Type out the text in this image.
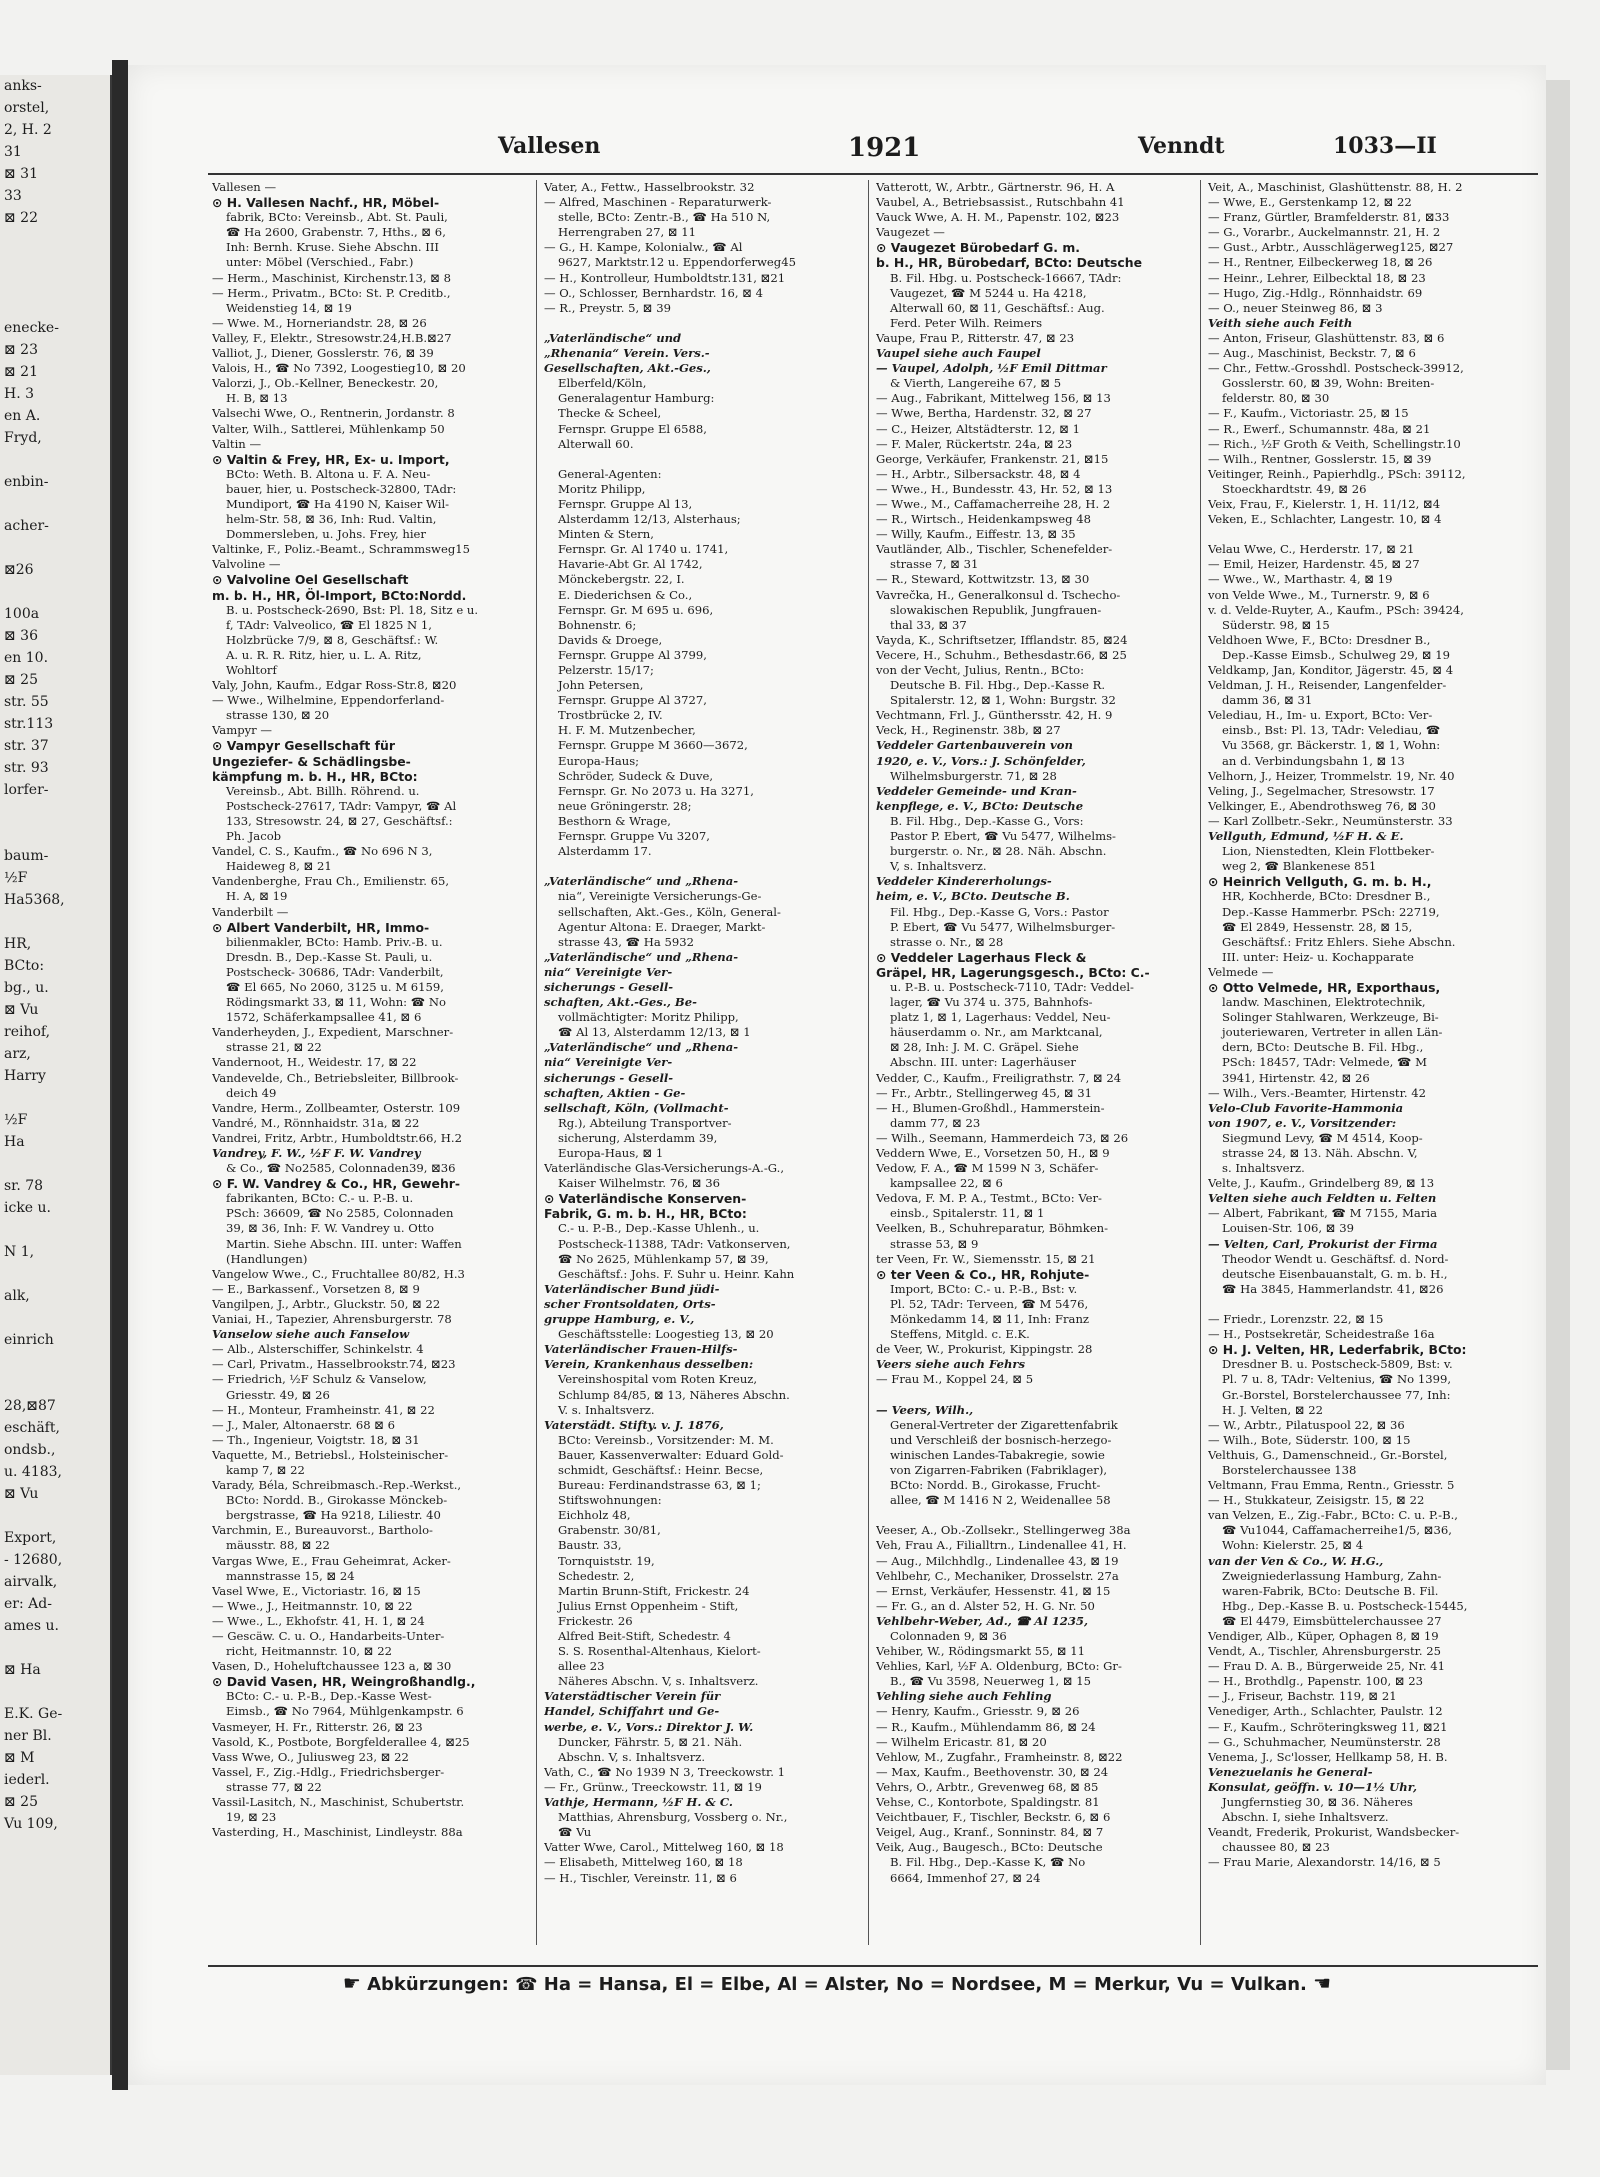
anks-
orstel,
2, H. 2
31
⊠ 31
33
⊠ 22

enecke-
⊠ 23
⊠ 21
H. 3
en A.
Fryd,

enbin-

acher-

⊠26

100a
⊠ 36
en 10.
⊠ 25
str. 55
str.113
str. 37
str. 93
lorfer-

baum-
½F
Ha5368,

HR,
BCto:
bg., u.
⊠ Vu
reihof,
arz,
Harry

½F
Ha

sr. 78
icke u.

N 1,

alk,

einrich

28,⊠87
eschäft,
ondsb.,
u. 4183,
⊠ Vu

Export,
- 12680,
airvalk,
er: Ad-
ames u.

⊠ Ha

E.K. Ge-
ner Bl.
⊠ M
iederl.
⊠ 25
Vu 109,
Vallesen	1921	Venndt	1033—II

Vallesen —

⊙ H. Vallesen Nachf., HR, Möbel-

fabrik, BCto: Vereinsb., Abt. St. Pauli,

☎ Ha 2600, Grabenstr. 7, Hths., ⊠ 6,

Inh: Bernh. Kruse. Siehe Abschn. III

unter: Möbel (Verschied., Fabr.)

— Herm., Maschinist, Kirchenstr.13, ⊠ 8

— Herm., Privatm., BCto: St. P. Creditb.,

Weidenstieg 14, ⊠ 19

— Wwe. M., Horneriandstr. 28, ⊠ 26

Valley, F., Elektr., Stresowstr.24,H.B.⊠27

Valliot, J., Diener, Gosslerstr. 76, ⊠ 39

Valois, H., ☎ No 7392, Loogestieg10, ⊠ 20

Valorzi, J., Ob.-Kellner, Beneckestr. 20,

H. B, ⊠ 13

Valsechi Wwe, O., Rentnerin, Jordanstr. 8

Valter, Wilh., Sattlerei, Mühlenkamp 50

Valtin —

⊙ Valtin & Frey, HR, Ex- u. Import,

BCto: Weth. B. Altona u. F. A. Neu-

bauer, hier, u. Postscheck-32800, TAdr:

Mundiport, ☎ Ha 4190 N, Kaiser Wil-

helm-Str. 58, ⊠ 36, Inh: Rud. Valtin,

Dommersleben, u. Johs. Frey, hier

Valtinke, F., Poliz.-Beamt., Schrammsweg15

Valvoline —

⊙ Valvoline Oel Gesellschaft

m. b. H., HR, Öl-Import, BCto:Nordd.

B. u. Postscheck-2690, Bst: Pl. 18, Sitz e u.

f, TAdr: Valveolico, ☎ El 1825 N 1,

Holzbrücke 7/9, ⊠ 8, Geschäftsf.: W.

A. u. R. R. Ritz, hier, u. L. A. Ritz,

Wohltorf

Valy, John, Kaufm., Edgar Ross-Str.8, ⊠20

— Wwe., Wilhelmine, Eppendorferland-

strasse 130, ⊠ 20

Vampyr —

⊙ Vampyr Gesellschaft für

Ungeziefer- & Schädlingsbe-

kämpfung m. b. H., HR, BCto:

Vereinsb., Abt. Billh. Röhrend. u.

Postscheck-27617, TAdr: Vampyr, ☎ Al

133, Stresowstr. 24, ⊠ 27, Geschäftsf.:

Ph. Jacob

Vandel, C. S., Kaufm., ☎ No 696 N 3,

Haideweg 8, ⊠ 21

Vandenberghe, Frau Ch., Emilienstr. 65,

H. A, ⊠ 19

Vanderbilt —

⊙ Albert Vanderbilt, HR, Immo-

bilienmakler, BCto: Hamb. Priv.-B. u.

Dresdn. B., Dep.-Kasse St. Pauli, u.

Postscheck- 30686, TAdr: Vanderbilt,

☎ El 665, No 2060, 3125 u. M 6159,

Rödingsmarkt 33, ⊠ 11, Wohn: ☎ No

1572, Schäferkampsallee 41, ⊠ 6

Vanderheyden, J., Expedient, Marschner-

strasse 21, ⊠ 22

Vandernoot, H., Weidestr. 17, ⊠ 22

Vandevelde, Ch., Betriebsleiter, Billbrook-

deich 49

Vandre, Herm., Zollbeamter, Osterstr. 109

Vandré, M., Rönnhaidstr. 31a, ⊠ 22

Vandrei, Fritz, Arbtr., Humboldtstr.66, H.2

Vandrey, F. W., ½F F. W. Vandrey

& Co., ☎ No2585, Colonnaden39, ⊠36

⊙ F. W. Vandrey & Co., HR, Gewehr-

fabrikanten, BCto: C.- u. P.-B. u.

PSch: 36609, ☎ No 2585, Colonnaden

39, ⊠ 36, Inh: F. W. Vandrey u. Otto

Martin. Siehe Abschn. III. unter: Waffen

(Handlungen)

Vangelow Wwe., C., Fruchtallee 80/82, H.3

— E., Barkassenf., Vorsetzen 8, ⊠ 9

Vangilpen, J., Arbtr., Gluckstr. 50, ⊠ 22

Vaniai, H., Tapezier, Ahrensburgerstr. 78

Vanselow siehe auch Fanselow

— Alb., Alsterschiffer, Schinkelstr. 4

— Carl, Privatm., Hasselbrookstr.74, ⊠23

— Friedrich, ½F Schulz & Vanselow,

Griesstr. 49, ⊠ 26

— H., Monteur, Framheinstr. 41, ⊠ 22

— J., Maler, Altonaerstr. 68 ⊠ 6

— Th., Ingenieur, Voigtstr. 18, ⊠ 31

Vaquette, M., Betriebsl., Holsteinischer-

kamp 7, ⊠ 22

Varady, Béla, Schreibmasch.-Rep.-Werkst.,

BCto: Nordd. B., Girokasse Mönckeb-

bergstrasse, ☎ Ha 9218, Liliestr. 40

Varchmin, E., Bureauvorst., Bartholo-

mäusstr. 88, ⊠ 22

Vargas Wwe, E., Frau Geheimrat, Acker-

mannstrasse 15, ⊠ 24

Vasel Wwe, E., Victoriastr. 16, ⊠ 15

— Wwe., J., Heitmannstr. 10, ⊠ 22

— Wwe., L., Ekhofstr. 41, H. 1, ⊠ 24

— Gescäw. C. u. O., Handarbeits-Unter-

richt, Heitmannstr. 10, ⊠ 22

Vasen, D., Hoheluftchaussee 123 a, ⊠ 30

⊙ David Vasen, HR, Weingroßhandlg.,

BCto: C.- u. P.-B., Dep.-Kasse West-

Eimsb., ☎ No 7964, Mühlgenkampstr. 6

Vasmeyer, H. Fr., Ritterstr. 26, ⊠ 23

Vasold, K., Postbote, Borgfelderallee 4, ⊠25

Vass Wwe, O., Juliusweg 23, ⊠ 22

Vassel, F., Zig.-Hdlg., Friedrichsberger-

strasse 77, ⊠ 22

Vassil-Lasitch, N., Maschinist, Schubertstr.

19, ⊠ 23

Vasterding, H., Maschinist, Lindleystr. 88a

Vater, A., Fettw., Hasselbrookstr. 32

— Alfred, Maschinen - Reparaturwerk-

stelle, BCto: Zentr.-B., ☎ Ha 510 N,

Herrengraben 27, ⊠ 11

— G., H. Kampe, Kolonialw., ☎ Al

9627, Marktstr.12 u. Eppendorferweg45

— H., Kontrolleur, Humboldtstr.131, ⊠21

— O., Schlosser, Bernhardstr. 16, ⊠ 4

— R., Preystr. 5, ⊠ 39

„Vaterländische“ und

„Rhenania“ Verein. Vers.-

Gesellschaften, Akt.-Ges.,

Elberfeld/Köln,

Generalagentur Hamburg:

Thecke & Scheel,

Fernspr. Gruppe El 6588,

Alterwall 60.

General-Agenten:

Moritz Philipp,

Fernspr. Gruppe Al 13,

Alsterdamm 12/13, Alsterhaus;

Minten & Stern,

Fernspr. Gr. Al 1740 u. 1741,

Havarie-Abt Gr. Al 1742,

Mönckebergstr. 22, I.

E. Diederichsen & Co.,

Fernspr. Gr. M 695 u. 696,

Bohnenstr. 6;

Davids & Droege,

Fernspr. Gruppe Al 3799,

Pelzerstr. 15/17;

John Petersen,

Fernspr. Gruppe Al 3727,

Trostbrücke 2, IV.

H. F. M. Mutzenbecher,

Fernspr. Gruppe M 3660—3672,

Europa-Haus;

Schröder, Sudeck & Duve,

Fernspr. Gr. No 2073 u. Ha 3271,

neue Gröningerstr. 28;

Besthorn & Wrage,

Fernspr. Gruppe Vu 3207,

Alsterdamm 17.

„Vaterländische“ und „Rhena-

nia“, Vereinigte Versicherungs-Ge-

sellschaften, Akt.-Ges., Köln, General-

Agentur Altona: E. Draeger, Markt-

strasse 43, ☎ Ha 5932

„Vaterländische“ und „Rhena-

nia“ Vereinigte Ver-

sicherungs - Gesell-

schaften, Akt.-Ges., Be-

vollmächtigter: Moritz Philipp,

☎ Al 13, Alsterdamm 12/13, ⊠ 1

„Vaterländische“ und „Rhena-

nia“ Vereinigte Ver-

sicherungs - Gesell-

schaften, Aktien - Ge-

sellschaft, Köln, (Vollmacht-

Rg.), Abteilung Transportver-

sicherung, Alsterdamm 39,

Europa-Haus, ⊠ 1

Vaterländische Glas-Versicherungs-A.-G.,

Kaiser Wilhelmstr. 76, ⊠ 36

⊙ Vaterländische Konserven-

Fabrik, G. m. b. H., HR, BCto:

C.- u. P.-B., Dep.-Kasse Uhlenh., u.

Postscheck-11388, TAdr: Vatkonserven,

☎ No 2625, Mühlenkamp 57, ⊠ 39,

Geschäftsf.: Johs. F. Suhr u. Heinr. Kahn

Vaterländischer Bund jüdi-

scher Frontsoldaten, Orts-

gruppe Hamburg, e. V.,

Geschäftsstelle: Loogestieg 13, ⊠ 20

Vaterländischer Frauen-Hilfs-

Verein, Krankenhaus desselben:

Vereinshospital vom Roten Kreuz,

Schlump 84/85, ⊠ 13, Näheres Abschn.

V. s. Inhaltsverz.

Vaterstädt. Stifty. v. J. 1876,

BCto: Vereinsb., Vorsitzender: M. M.

Bauer, Kassenverwalter: Eduard Gold-

schmidt, Geschäftsf.: Heinr. Becse,

Bureau: Ferdinandstrasse 63, ⊠ 1;

Stiftswohnungen:

Eichholz 48,

Grabenstr. 30/81,

Baustr. 33,

Tornquiststr. 19,

Schedestr. 2,

Martin Brunn-Stift, Frickestr. 24

Julius Ernst Oppenheim - Stift,

Frickestr. 26

Alfred Beit-Stift, Schedestr. 4

S. S. Rosenthal-Altenhaus, Kielort-

allee 23

Näheres Abschn. V, s. Inhaltsverz.

Vaterstädtischer Verein für

Handel, Schiffahrt und Ge-

werbe, e. V., Vors.: Direktor J. W.

Duncker, Fährstr. 5, ⊠ 21. Näh.

Abschn. V, s. Inhaltsverz.

Vath, C., ☎ No 1939 N 3, Treeckowstr. 1

— Fr., Grünw., Treeckowstr. 11, ⊠ 19

Vathje, Hermann, ½F H. & C.

Matthias, Ahrensburg, Vossberg o. Nr.,

☎ Vu

Vatter Wwe, Carol., Mittelweg 160, ⊠ 18

— Elisabeth, Mittelweg 160, ⊠ 18

— H., Tischler, Vereinstr. 11, ⊠ 6

Vatterott, W., Arbtr., Gärtnerstr. 96, H. A

Vaubel, A., Betriebsassist., Rutschbahn 41

Vauck Wwe, A. H. M., Papenstr. 102, ⊠23

Vaugezet —

⊙ Vaugezet Bürobedarf G. m.

b. H., HR, Bürobedarf, BCto: Deutsche

B. Fil. Hbg. u. Postscheck-16667, TAdr:

Vaugezet, ☎ M 5244 u. Ha 4218,

Alterwall 60, ⊠ 11, Geschäftsf.: Aug.

Ferd. Peter Wilh. Reimers

Vaupe, Frau P., Ritterstr. 47, ⊠ 23

Vaupel siehe auch Faupel

— Vaupel, Adolph, ½F Emil Dittmar

& Vierth, Langereihe 67, ⊠ 5

— Aug., Fabrikant, Mittelweg 156, ⊠ 13

— Wwe, Bertha, Hardenstr. 32, ⊠ 27

— C., Heizer, Altstädterstr. 12, ⊠ 1

— F. Maler, Rückertstr. 24a, ⊠ 23

George, Verkäufer, Frankenstr. 21, ⊠15

— H., Arbtr., Silbersackstr. 48, ⊠ 4

— Wwe., H., Bundesstr. 43, Hr. 52, ⊠ 13

— Wwe., M., Caffamacherreihe 28, H. 2

— R., Wirtsch., Heidenkampsweg 48

— Willy, Kaufm., Eiffestr. 13, ⊠ 35

Vautländer, Alb., Tischler, Schenefelder-

strasse 7, ⊠ 31

— R., Steward, Kottwitzstr. 13, ⊠ 30

Vavrečka, H., Generalkonsul d. Tschecho-

slowakischen Republik, Jungfrauen-

thal 33, ⊠ 37

Vayda, K., Schriftsetzer, Ifflandstr. 85, ⊠24

Vecere, H., Schuhm., Bethesdastr.66, ⊠ 25

von der Vecht, Julius, Rentn., BCto:

Deutsche B. Fil. Hbg., Dep.-Kasse R.

Spitalerstr. 12, ⊠ 1, Wohn: Burgstr. 32

Vechtmann, Frl. J., Günthersstr. 42, H. 9

Veck, H., Reginenstr. 38b, ⊠ 27

Veddeler Gartenbauverein von

1920, e. V., Vors.: J. Schönfelder,

Wilhelmsburgerstr. 71, ⊠ 28

Veddeler Gemeinde- und Kran-

kenpflege, e. V., BCto: Deutsche

B. Fil. Hbg., Dep.-Kasse G., Vors:

Pastor P. Ebert, ☎ Vu 5477, Wilhelms-

burgerstr. o. Nr., ⊠ 28. Näh. Abschn.

V, s. Inhaltsverz.

Veddeler Kindererholungs-

heim, e. V., BCto. Deutsche B.

Fil. Hbg., Dep.-Kasse G, Vors.: Pastor

P. Ebert, ☎ Vu 5477, Wilhelmsburger-

strasse o. Nr., ⊠ 28

⊙ Veddeler Lagerhaus Fleck &

Gräpel, HR, Lagerungsgesch., BCto: C.-

u. P.-B. u. Postscheck-7110, TAdr: Veddel-

lager, ☎ Vu 374 u. 375, Bahnhofs-

platz 1, ⊠ 1, Lagerhaus: Veddel, Neu-

häuserdamm o. Nr., am Marktcanal,

⊠ 28, Inh: J. M. C. Gräpel. Siehe

Abschn. III. unter: Lagerhäuser

Vedder, C., Kaufm., Freiligrathstr. 7, ⊠ 24

— Fr., Arbtr., Stellingerweg 45, ⊠ 31

— H., Blumen-Großhdl., Hammerstein-

damm 77, ⊠ 23

— Wilh., Seemann, Hammerdeich 73, ⊠ 26

Veddern Wwe, E., Vorsetzen 50, H., ⊠ 9

Vedow, F. A., ☎ M 1599 N 3, Schäfer-

kampsallee 22, ⊠ 6

Vedova, F. M. P. A., Testmt., BCto: Ver-

einsb., Spitalerstr. 11, ⊠ 1

Veelken, B., Schuhreparatur, Böhmken-

strasse 53, ⊠ 9

ter Veen, Fr. W., Siemensstr. 15, ⊠ 21

⊙ ter Veen & Co., HR, Rohjute-

Import, BCto: C.- u. P.-B., Bst: v.

Pl. 52, TAdr: Terveen, ☎ M 5476,

Mönkedamm 14, ⊠ 11, Inh: Franz

Steffens, Mitgld. c. E.K.

de Veer, W., Prokurist, Kippingstr. 28

Veers siehe auch Fehrs

— Frau M., Koppel 24, ⊠ 5

— Veers, Wilh.,

General-Vertreter der Zigarettenfabrik

und Verschleiß der bosnisch-herzego-

winischen Landes-Tabakregie, sowie

von Zigarren-Fabriken (Fabriklager),

BCto: Nordd. B., Girokasse, Frucht-

allee, ☎ M 1416 N 2, Weidenallee 58

Veeser, A., Ob.-Zollsekr., Stellingerweg 38a

Veh, Frau A., Filialltrn., Lindenallee 41, H.

— Aug., Milchhdlg., Lindenallee 43, ⊠ 19

Vehlbehr, C., Mechaniker, Drosselstr. 27a

— Ernst, Verkäufer, Hessenstr. 41, ⊠ 15

— Fr. G., an d. Alster 52, H. G. Nr. 50

Vehlbehr-Weber, Ad., ☎ Al 1235,

Colonnaden 9, ⊠ 36

Vehiber, W., Rödingsmarkt 55, ⊠ 11

Vehlies, Karl, ½F A. Oldenburg, BCto: Gr-

B., ☎ Vu 3598, Neuerweg 1, ⊠ 15

Vehling siehe auch Fehling

— Henry, Kaufm., Griesstr. 9, ⊠ 26

— R., Kaufm., Mühlendamm 86, ⊠ 24

— Wilhelm Ericastr. 81, ⊠ 20

Vehlow, M., Zugfahr., Framheinstr. 8, ⊠22

— Max, Kaufm., Beethovenstr. 30, ⊠ 24

Vehrs, O., Arbtr., Grevenweg 68, ⊠ 85

Vehse, C., Kontorbote, Spaldingstr. 81

Veichtbauer, F., Tischler, Beckstr. 6, ⊠ 6

Veigel, Aug., Kranf., Sonninstr. 84, ⊠ 7

Veik, Aug., Baugesch., BCto: Deutsche

B. Fil. Hbg., Dep.-Kasse K, ☎ No

6664, Immenhof 27, ⊠ 24

Veit, A., Maschinist, Glashüttenstr. 88, H. 2

— Wwe, E., Gerstenkamp 12, ⊠ 22

— Franz, Gürtler, Bramfelderstr. 81, ⊠33

— G., Vorarbr., Auckelmannstr. 21, H. 2

— Gust., Arbtr., Ausschlägerweg125, ⊠27

— H., Rentner, Eilbeckerweg 18, ⊠ 26

— Heinr., Lehrer, Eilbecktal 18, ⊠ 23

— Hugo, Zig.-Hdlg., Rönnhaidstr. 69

— O., neuer Steinweg 86, ⊠ 3

Veith siehe auch Feith

— Anton, Friseur, Glashüttenstr. 83, ⊠ 6

— Aug., Maschinist, Beckstr. 7, ⊠ 6

— Chr., Fettw.-Grosshdl. Postscheck-39912,

Gosslerstr. 60, ⊠ 39, Wohn: Breiten-

felderstr. 80, ⊠ 30

— F., Kaufm., Victoriastr. 25, ⊠ 15

— R., Ewerf., Schumannstr. 48a, ⊠ 21

— Rich., ½F Groth & Veith, Schellingstr.10

— Wilh., Rentner, Gosslerstr. 15, ⊠ 39

Veitinger, Reinh., Papierhdlg., PSch: 39112,

Stoeckhardtstr. 49, ⊠ 26

Veix, Frau, F., Kielerstr. 1, H. 11/12, ⊠4

Veken, E., Schlachter, Langestr. 10, ⊠ 4

Velau Wwe, C., Herderstr. 17, ⊠ 21

— Emil, Heizer, Hardenstr. 45, ⊠ 27

— Wwe., W., Marthastr. 4, ⊠ 19

von Velde Wwe., M., Turnerstr. 9, ⊠ 6

v. d. Velde-Ruyter, A., Kaufm., PSch: 39424,

Süderstr. 98, ⊠ 15

Veldhoen Wwe, F., BCto: Dresdner B.,

Dep.-Kasse Eimsb., Schulweg 29, ⊠ 19

Veldkamp, Jan, Konditor, Jägerstr. 45, ⊠ 4

Veldman, J. H., Reisender, Langenfelder-

damm 36, ⊠ 31

Velediau, H., Im- u. Export, BCto: Ver-

einsb., Bst: Pl. 13, TAdr: Velediau, ☎

Vu 3568, gr. Bäckerstr. 1, ⊠ 1, Wohn:

an d. Verbindungsbahn 1, ⊠ 13

Velhorn, J., Heizer, Trommelstr. 19, Nr. 40

Veling, J., Segelmacher, Stresowstr. 17

Velkinger, E., Abendrothsweg 76, ⊠ 30

— Karl Zollbetr.-Sekr., Neumünsterstr. 33

Vellguth, Edmund, ½F H. & E.

Lion, Nienstedten, Klein Flottbeker-

weg 2, ☎ Blankenese 851

⊙ Heinrich Vellguth, G. m. b. H.,

HR, Kochherde, BCto: Dresdner B.,

Dep.-Kasse Hammerbr. PSch: 22719,

☎ El 2849, Hessenstr. 28, ⊠ 15,

Geschäftsf.: Fritz Ehlers. Siehe Abschn.

III. unter: Heiz- u. Kochapparate

Velmede —

⊙ Otto Velmede, HR, Exporthaus,

landw. Maschinen, Elektrotechnik,

Solinger Stahlwaren, Werkzeuge, Bi-

jouteriewaren, Vertreter in allen Län-

dern, BCto: Deutsche B. Fil. Hbg.,

PSch: 18457, TAdr: Velmede, ☎ M

3941, Hirtenstr. 42, ⊠ 26

— Wilh., Vers.-Beamter, Hirtenstr. 42

Velo-Club Favorite-Hammonia

von 1907, e. V., Vorsitzender:

Siegmund Levy, ☎ M 4514, Koop-

strasse 24, ⊠ 13. Näh. Abschn. V,

s. Inhaltsverz.

Velte, J., Kaufm., Grindelberg 89, ⊠ 13

Velten siehe auch Feldten u. Felten

— Albert, Fabrikant, ☎ M 7155, Maria

Louisen-Str. 106, ⊠ 39

— Velten, Carl, Prokurist der Firma

Theodor Wendt u. Geschäftsf. d. Nord-

deutsche Eisenbauanstalt, G. m. b. H.,

☎ Ha 3845, Hammerlandstr. 41, ⊠26

— Friedr., Lorenzstr. 22, ⊠ 15

— H., Postsekretär, Scheidestraße 16a

⊙ H. J. Velten, HR, Lederfabrik, BCto:

Dresdner B. u. Postscheck-5809, Bst: v.

Pl. 7 u. 8, TAdr: Veltenius, ☎ No 1399,

Gr.-Borstel, Borstelerchaussee 77, Inh:

H. J. Velten, ⊠ 22

— W., Arbtr., Pilatuspool 22, ⊠ 36

— Wilh., Bote, Süderstr. 100, ⊠ 15

Velthuis, G., Damenschneid., Gr.-Borstel,

Borstelerchaussee 138

Veltmann, Frau Emma, Rentn., Griesstr. 5

— H., Stukkateur, Zeisigstr. 15, ⊠ 22

van Velzen, E., Zig.-Fabr., BCto: C. u. P.-B.,

☎ Vu1044, Caffamacherreihe1/5, ⊠36,

Wohn: Kielerstr. 25, ⊠ 4

van der Ven & Co., W. H.G.,

Zweigniederlassung Hamburg, Zahn-

waren-Fabrik, BCto: Deutsche B. Fil.

Hbg., Dep.-Kasse B. u. Postscheck-15445,

☎ El 4479, Eimsbüttelerchaussee 27

Vendiger, Alb., Küper, Ophagen 8, ⊠ 19

Vendt, A., Tischler, Ahrensburgerstr. 25

— Frau D. A. B., Bürgerweide 25, Nr. 41

— H., Brothdlg., Papenstr. 100, ⊠ 23

— J., Friseur, Bachstr. 119, ⊠ 21

Venediger, Arth., Schlachter, Paulstr. 12

— F., Kaufm., Schröteringksweg 11, ⊠21

— G., Schuhmacher, Neumünsterstr. 28

Venema, J., Sc'losser, Hellkamp 58, H. B.

Venezuelanis he General-

Konsulat, geöffn. v. 10—1½ Uhr,

Jungfernstieg 30, ⊠ 36. Näheres

Abschn. I, siehe Inhaltsverz.

Veandt, Frederik, Prokurist, Wandsbecker-

chaussee 80, ⊠ 23

— Frau Marie, Alexandorstr. 14/16, ⊠ 5

☛ Abkürzungen: ☎ Ha = Hansa, El = Elbe, Al = Alster, No = Nordsee, M = Merkur, Vu = Vulkan. ☚
